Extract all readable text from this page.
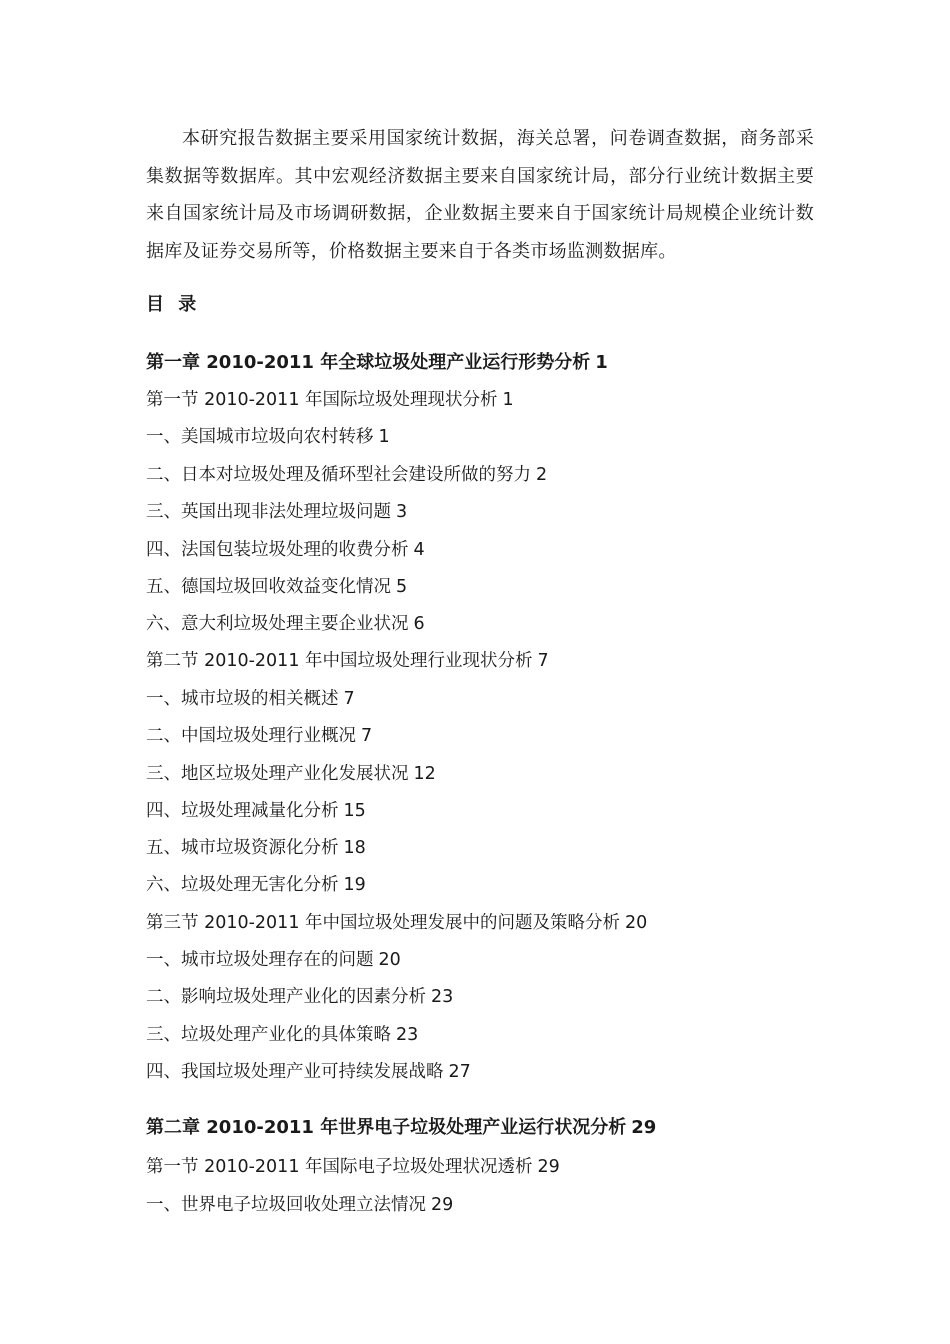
本研究报告数据主要采用国家统计数据，海关总署，问卷调查数据，商务部采集数据等数据库。其中宏观经济数据主要来自国家统计局，部分行业统计数据主要来自国家统计局及市场调研数据，企业数据主要来自于国家统计局规模企业统计数据库及证券交易所等，价格数据主要来自于各类市场监测数据库。

目 录
第一章 2010-2011 年全球垃圾处理产业运行形势分析 1
第一节 2010-2011 年国际垃圾处理现状分析 1
一、美国城市垃圾向农村转移 1
二、日本对垃圾处理及循环型社会建设所做的努力 2
三、英国出现非法处理垃圾问题 3
四、法国包装垃圾处理的收费分析 4
五、德国垃圾回收效益变化情况 5
六、意大利垃圾处理主要企业状况 6
第二节 2010-2011 年中国垃圾处理行业现状分析 7
一、城市垃圾的相关概述 7
二、中国垃圾处理行业概况 7
三、地区垃圾处理产业化发展状况 12
四、垃圾处理减量化分析 15
五、城市垃圾资源化分析 18
六、垃圾处理无害化分析 19
第三节 2010-2011 年中国垃圾处理发展中的问题及策略分析 20
一、城市垃圾处理存在的问题 20
二、影响垃圾处理产业化的因素分析 23
三、垃圾处理产业化的具体策略 23
四、我国垃圾处理产业可持续发展战略 27
第二章 2010-2011 年世界电子垃圾处理产业运行状况分析 29
第一节 2010-2011 年国际电子垃圾处理状况透析 29
一、世界电子垃圾回收处理立法情况 29
